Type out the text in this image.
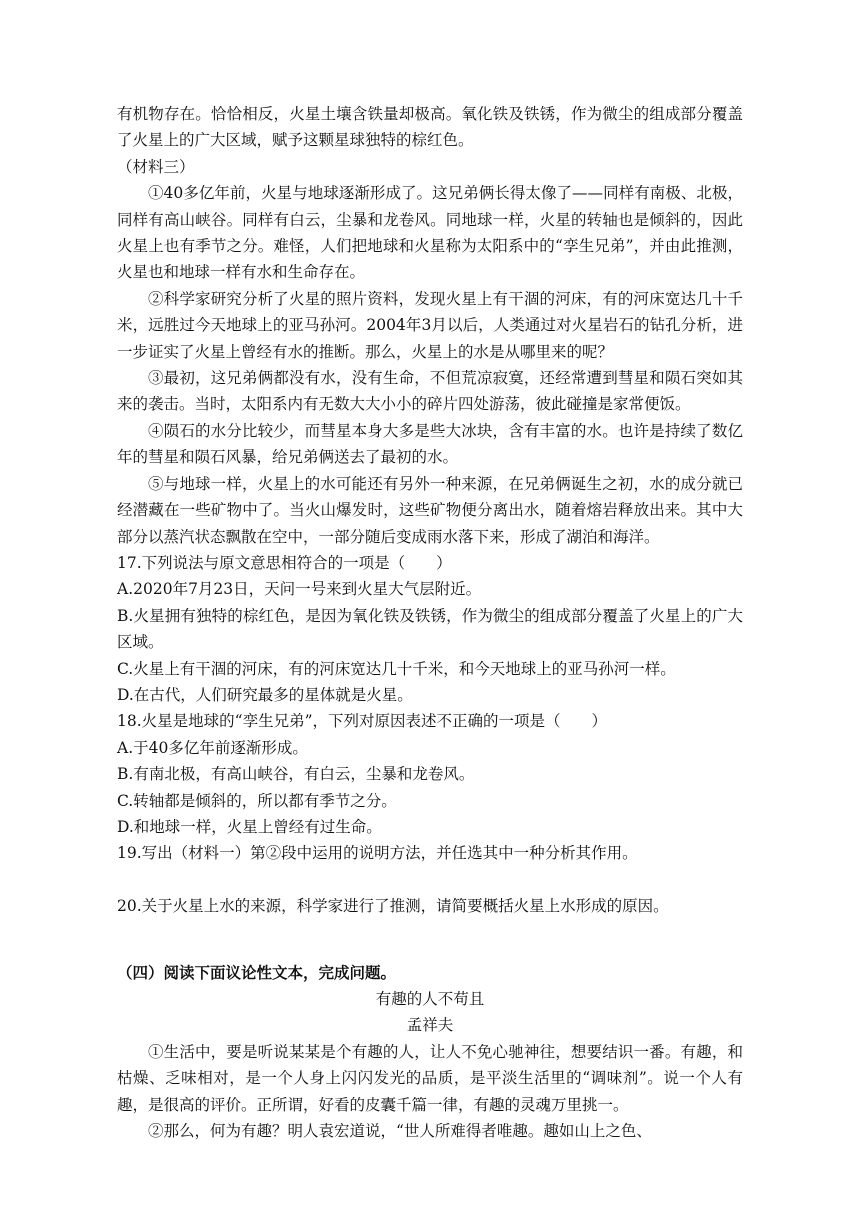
有机物存在。恰恰相反，火星土壤含铁量却极高。氧化铁及铁锈，作为微尘的组成部分覆盖了火星上的广大区域，赋予这颗星球独特的棕红色。

（材料三）

①40多亿年前，火星与地球逐渐形成了。这兄弟俩长得太像了——同样有南极、北极，同样有高山峡谷。同样有白云，尘暴和龙卷风。同地球一样，火星的转轴也是倾斜的，因此火星上也有季节之分。难怪，人们把地球和火星称为太阳系中的“孪生兄弟”，并由此推测，火星也和地球一样有水和生命存在。

②科学家研究分析了火星的照片资料，发现火星上有干涸的河床，有的河床宽达几十千米，远胜过今天地球上的亚马孙河。2004年3月以后，人类通过对火星岩石的钻孔分析，进一步证实了火星上曾经有水的推断。那么，火星上的水是从哪里来的呢？

③最初，这兄弟俩都没有水，没有生命，不但荒凉寂寞，还经常遭到彗星和陨石突如其来的袭击。当时，太阳系内有无数大大小小的碎片四处游荡，彼此碰撞是家常便饭。

④陨石的水分比较少，而彗星本身大多是些大冰块，含有丰富的水。也许是持续了数亿年的彗星和陨石风暴，给兄弟俩送去了最初的水。

⑤与地球一样，火星上的水可能还有另外一种来源，在兄弟俩诞生之初，水的成分就已经潜藏在一些矿物中了。当火山爆发时，这些矿物便分离出水，随着熔岩释放出来。其中大部分以蒸汽状态飘散在空中，一部分随后变成雨水落下来，形成了湖泊和海洋。

17.下列说法与原文意思相符合的一项是（　　）

A.2020年7月23日，天问一号来到火星大气层附近。

B.火星拥有独特的棕红色，是因为氧化铁及铁锈，作为微尘的组成部分覆盖了火星上的广大区域。

C.火星上有干涸的河床，有的河床宽达几十千米，和今天地球上的亚马孙河一样。

D.在古代，人们研究最多的星体就是火星。

18.火星是地球的“孪生兄弟”，下列对原因表述不正确的一项是（　　）

A.于40多亿年前逐渐形成。

B.有南北极，有高山峡谷，有白云，尘暴和龙卷风。

C.转轴都是倾斜的，所以都有季节之分。

D.和地球一样，火星上曾经有过生命。

19.写出（材料一）第②段中运用的说明方法，并任选其中一种分析其作用。

20.关于火星上水的来源，科学家进行了推测，请简要概括火星上水形成的原因。

（四）阅读下面议论性文本，完成问题。

有趣的人不苟且

孟祥夫

①生活中，要是听说某某是个有趣的人，让人不免心驰神往，想要结识一番。有趣，和枯燥、乏味相对，是一个人身上闪闪发光的品质，是平淡生活里的“调味剂”。说一个人有趣，是很高的评价。正所谓，好看的皮囊千篇一律，有趣的灵魂万里挑一。

②那么，何为有趣？明人袁宏道说，“世人所难得者唯趣。趣如山上之色、
